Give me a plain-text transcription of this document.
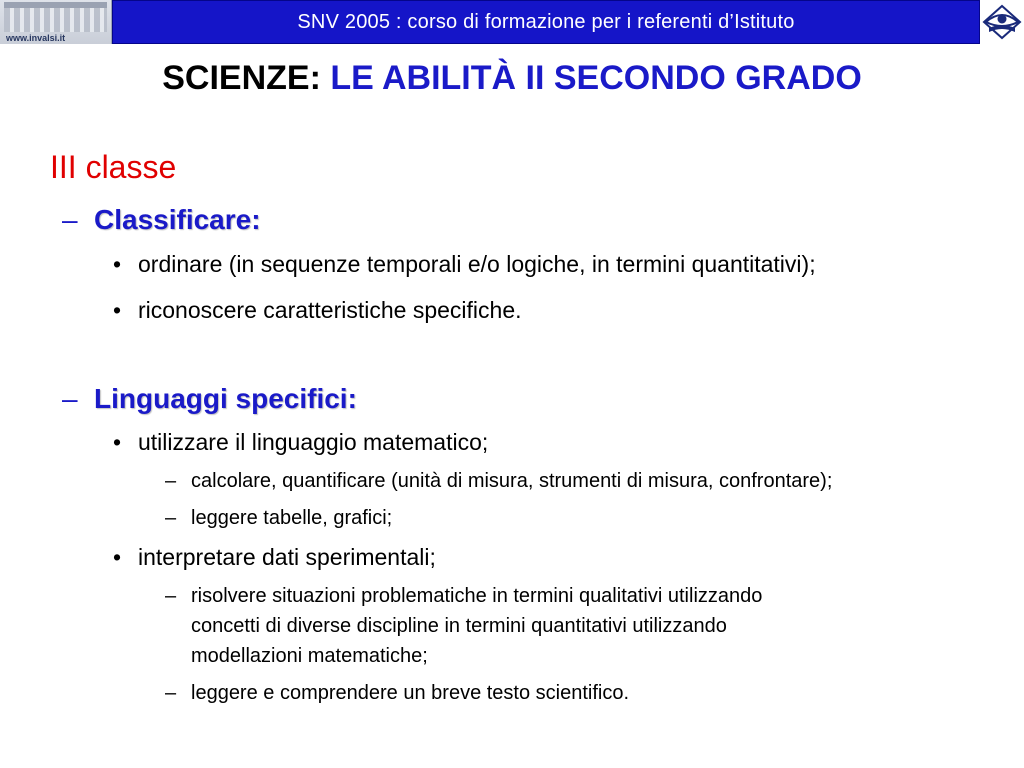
www.invalsi.it
SNV 2005 : corso di formazione per i referenti d’Istituto
SCIENZE: LE ABILITÀ II SECONDO GRADO
III classe
– Classificare:
• ordinare (in sequenze temporali e/o logiche, in termini quantitativi);
• riconoscere caratteristiche specifiche.
– Linguaggi specifici:
• utilizzare il linguaggio matematico;
– calcolare, quantificare (unità di misura, strumenti di misura, confrontare);
– leggere tabelle, grafici;
• interpretare dati sperimentali;
– risolvere situazioni problematiche in termini qualitativi utilizzando
concetti di diverse discipline in termini quantitativi utilizzando
modellazioni matematiche;
– leggere e comprendere un breve testo scientifico.
